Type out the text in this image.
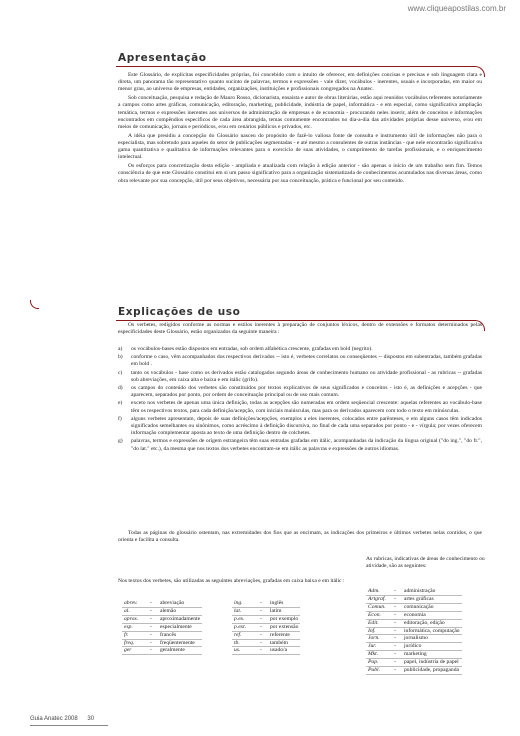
www.cliqueapostilas.com.br
Apresentação

Este Glossário, de explícitas especificidades próprias, foi concebido com o intuito de oferecer, em definições concisas e precisas e sob linguagem clara e direta, um panorama tão representativo quanto sucinto de palavras, termos e expressões - vale dizer, vocábulos - inerentes, usuais e incorporadas, em maior ou menor grau, ao universo de empresas, entidades, organizações, instituições e profissionais congregados na Anatec.

Sob conceituação, pesquisa e redação de Mauro Rosso, dicionarista, ensaísta e autor de obras literárias, estão aqui reunidos vocábulos referentes notoriamente a campos como artes gráficas, comunicação, editoração, marketing, publicidade, indústria de papel, informática - e em especial, como significativa ampliação temática, termos e expressões inerentes aos universos de administração de empresas e de economia - procurando neles inserir, além de conceitos e informações encontrados em compêndios específicos de cada área abrangida, temas comumente encontrados no dia-a-dia das atividades próprias desse universo, e/ou em meios de comunicação, jornais e periódicos, e/ou em cenários públicos e privados, etc.

A idéia que presidiu a concepção do Glossário nasceu do propósito de fazê-lo valiosa fonte de consulta e instrumento útil de informações não para o especialista, mas sobretudo para aqueles do setor de publicações segmentadas - e até mesmo a consulentes de outras instâncias - que nele encontrarão significativa gama quantitativa e qualitativa de informações relevantes para o exercício de suas atividades, o cumprimento de tarefas profissionais, e o enriquecimento intelectual.

Os esforços para concretização desta edição - ampliada e atualizada com relação à edição anterior - são apenas o início de um trabalho sem fim. Temos consciência de que este Glossário constitui em si um passo significativo para a organização sistematizada de conhecimentos acumulados nas diversas áreas, como obra relevante por sua concepção, útil por seus objetivos, necessária por sua conceituação, prática e funcional por seu conteúdo.

Explicações de uso

Os verbetes, redigidos conforme as normas e estilos inerentes à preparação de conjuntos léxicos, dentro de extensões e formatos determinados pelas especificidades deste Glossário, estão organizados da seguinte maneira :

a) os vocábulos-bases estão dispostos em entradas, sob ordem alfabética crescente, grafadas em bold (negrito).
b) conforme o caso, vêm acompanhados dos respectivos derivados -- isto é, verbetes correlatos ou conseqüentes -- dispostos em subentradas, também grafadas em bold .
c) tanto os vocábulos - base como os derivados estão catalogados segundo áreas de conhecimento humano ou atividade profissional - as rubricas -- grafadas sob abreviações, em caixa alta e baixa e em itálic (grifo).
d) os campos do conteúdo dos verbetes são constituídos por textos explicativos de seus significados e conceitos - isto é, as definições e acepções - que aparecem, separados por ponto, por ordem de conceituação principal ou de uso mais comum.
e) exceto nos verbetes de apenas uma única definição, todas as acepções são numeradas em ordem seqüencial crescente: aquelas referentes ao vocábulo-base têm os respectivos textos, para cada definição/acepção, com iniciais maiúsculas, mas para os derivados aparecem com todo o texto em minúsculas.
f) alguns verbetes apresentam, depois de suas definições/acepções, exemplos a eles inerentes, colocados entre parênteses, e em alguns casos têm indicados significados semelhantes ou sinônimos, como acréscimo à definição discursiva, no final de cada uma separados por ponto - e - vírgula; por vezes oferecem informação complementar aposta ao texto de uma definição dentro de colchetes.
g) palavras, termos e expressões de origem estrangeira têm suas entradas grafadas em itálic, acompanhadas da indicação da língua original ("do ing.", "do fr.", "do lat." etc.), da mesma que nos textos dos verbetes encontram-se em itálic as palavras e expressões de outros idiomas.

Todas as páginas do glossário ostentam, nas extremidades dos fios que as encimam, as indicações dos primeiros e últimos verbetes nelas contidos, o que orienta e facilita a consulta.

Nos textos dos verbetes, são utilizadas as seguintes abreviações, grafadas em caixa baixa e em itálic :
abrev.	-	abreviação
al.	-	alemão
aprox.	-	aproximadamente
esp.	-	especialmente
fr.	-	francês
freq.	-	freqüentemente
ger	-	geralmente
ing.	-	inglês
lat.	-	latim
p.ex.	-	por exemplo
p.ext.	-	por extensão
ref.	-	referente
tb.	-	também
us.	-	usado/a
As rubricas, indicativas de áreas de conhecimento ou atividade, são as seguintes:
Adm.	-	administração
Artgraf.	-	artes gráficas
Comun.	-	comunicação
Econ.	-	economia
Edit.	-	editoração, edição
Inf.	-	informática, computação
Jorn.	-	jornalismo
Jur.	-	jurídico
Mkt.	-	marketing
Pap.	-	papel, indústria de papel
Publ.	-	publicidade, propaganda
Guia Anatec 2008 30
